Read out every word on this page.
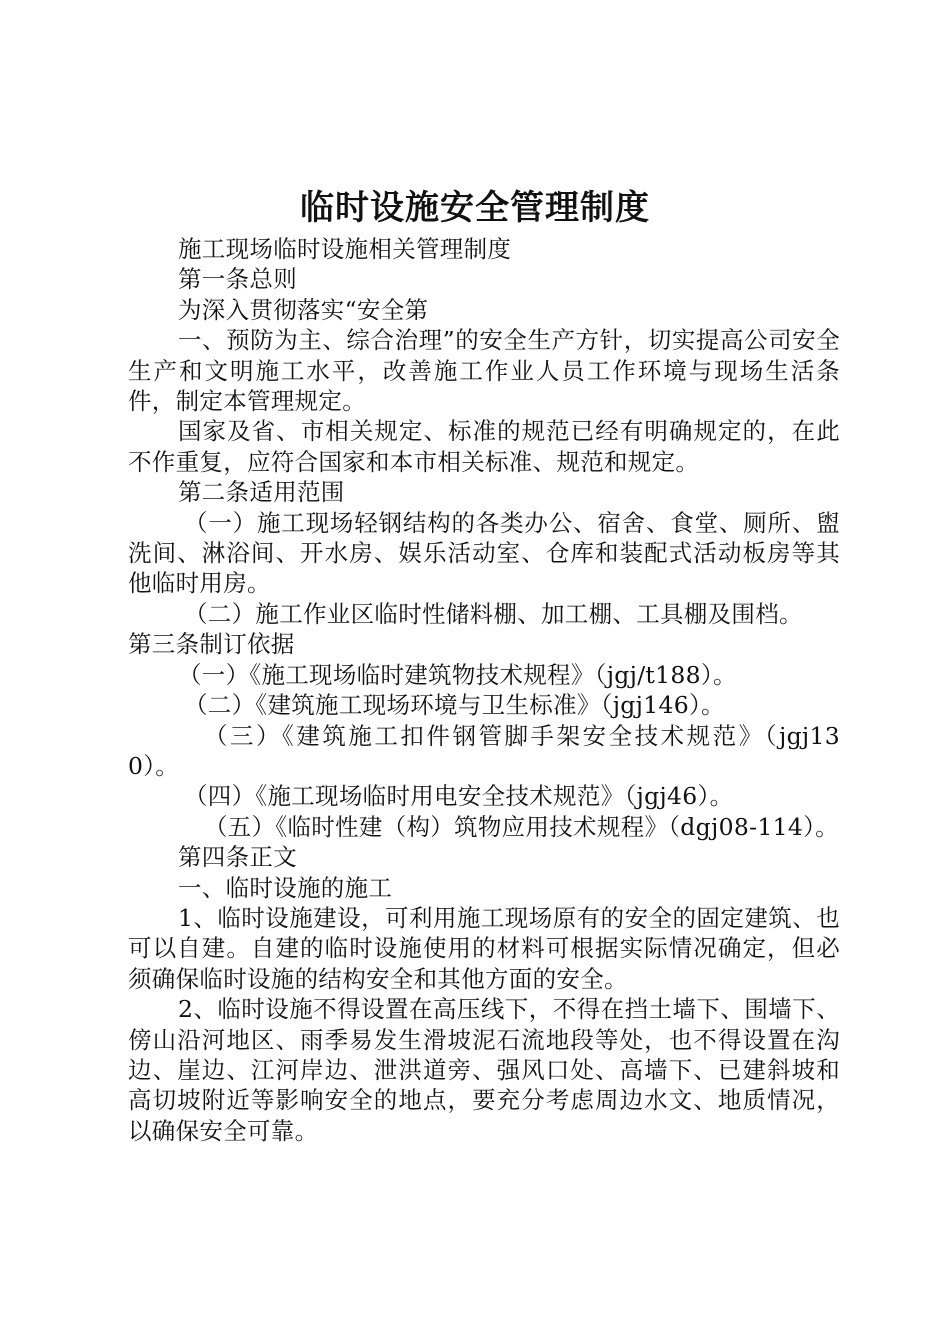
临时设施安全管理制度

施工现场临时设施相关管理制度

第一条总则

为深入贯彻落实“安全第

一、预防为主、综合治理”的安全生产方针，切实提高公司安全生产和文明施工水平，改善施工作业人员工作环境与现场生活条件，制定本管理规定。

国家及省、市相关规定、标准的规范已经有明确规定的，在此不作重复，应符合国家和本市相关标准、规范和规定。

第二条适用范围

（一）施工现场轻钢结构的各类办公、宿舍、食堂、厕所、盥洗间、淋浴间、开水房、娱乐活动室、仓库和装配式活动板房等其他临时用房。

（二）施工作业区临时性储料棚、加工棚、工具棚及围档。

第三条制订依据

（一）《施工现场临时建筑物技术规程》（jgj/t188）。

（二）《建筑施工现场环境与卫生标准》（jgj146）。

（三）《建筑施工扣件钢管脚手架安全技术规范》（jgj130）。

（四）《施工现场临时用电安全技术规范》（jgj46）。

（五）《临时性建（构）筑物应用技术规程》（dgj08-114）。

第四条正文

一、临时设施的施工

1、临时设施建设，可利用施工现场原有的安全的固定建筑、也可以自建。自建的临时设施使用的材料可根据实际情况确定，但必须确保临时设施的结构安全和其他方面的安全。

2、临时设施不得设置在高压线下，不得在挡土墙下、围墙下、傍山沿河地区、雨季易发生滑坡泥石流地段等处，也不得设置在沟边、崖边、江河岸边、泄洪道旁、强风口处、高墙下、已建斜坡和高切坡附近等影响安全的地点，要充分考虑周边水文、地质情况，以确保安全可靠。
